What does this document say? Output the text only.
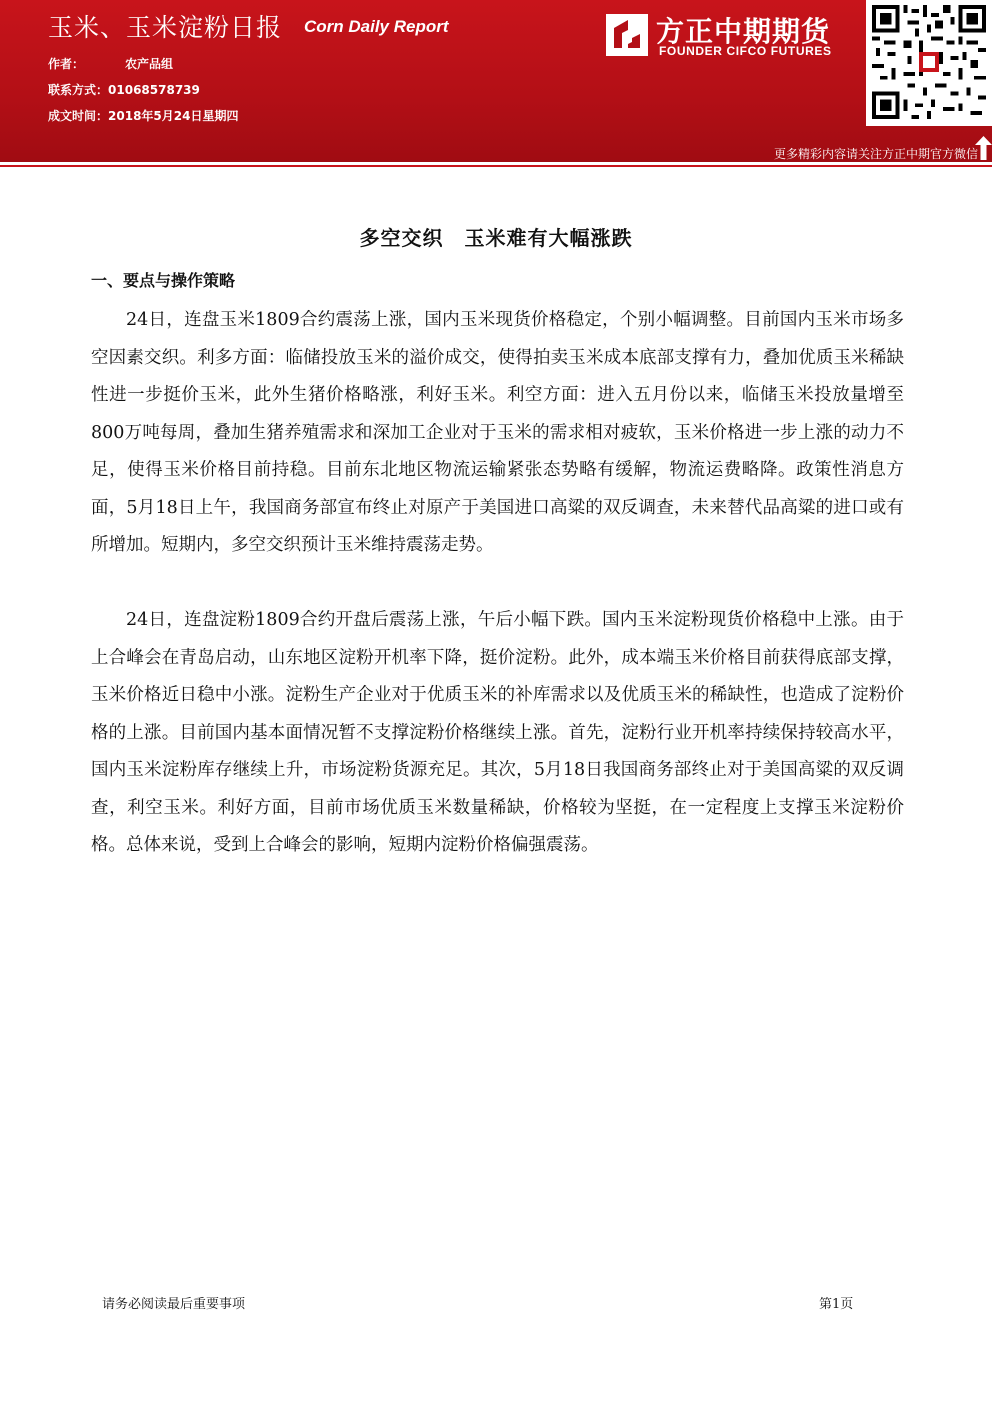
玉米、玉米淀粉日报 Corn Daily Report
作者：	农产品组
联系方式：01068578739
成文时间：2018年5月24日星期四
方正中期期货
FOUNDER CIFCO FUTURES
更多精彩内容请关注方正中期官方微信
多空交织　玉米难有大幅涨跌
一、要点与操作策略

24日，连盘玉米1809合约震荡上涨，国内玉米现货价格稳定，个别小幅调整。目前国内玉米市场多空因素交织。利多方面：临储投放玉米的溢价成交，使得拍卖玉米成本底部支撑有力，叠加优质玉米稀缺性进一步挺价玉米，此外生猪价格略涨，利好玉米。利空方面：进入五月份以来，临储玉米投放量增至800万吨每周，叠加生猪养殖需求和深加工企业对于玉米的需求相对疲软，玉米价格进一步上涨的动力不足，使得玉米价格目前持稳。目前东北地区物流运输紧张态势略有缓解，物流运费略降。政策性消息方面，5月18日上午，我国商务部宣布终止对原产于美国进口高粱的双反调查，未来替代品高粱的进口或有所增加。短期内，多空交织预计玉米维持震荡走势。

24日，连盘淀粉1809合约开盘后震荡上涨，午后小幅下跌。国内玉米淀粉现货价格稳中上涨。由于上合峰会在青岛启动，山东地区淀粉开机率下降，挺价淀粉。此外，成本端玉米价格目前获得底部支撑，玉米价格近日稳中小涨。淀粉生产企业对于优质玉米的补库需求以及优质玉米的稀缺性，也造成了淀粉价格的上涨。目前国内基本面情况暂不支撑淀粉价格继续上涨。首先，淀粉行业开机率持续保持较高水平，国内玉米淀粉库存继续上升，市场淀粉货源充足。其次，5月18日我国商务部终止对于美国高粱的双反调查，利空玉米。利好方面，目前市场优质玉米数量稀缺，价格较为坚挺，在一定程度上支撑玉米淀粉价格。总体来说，受到上合峰会的影响，短期内淀粉价格偏强震荡。

请务必阅读最后重要事项	第1页
